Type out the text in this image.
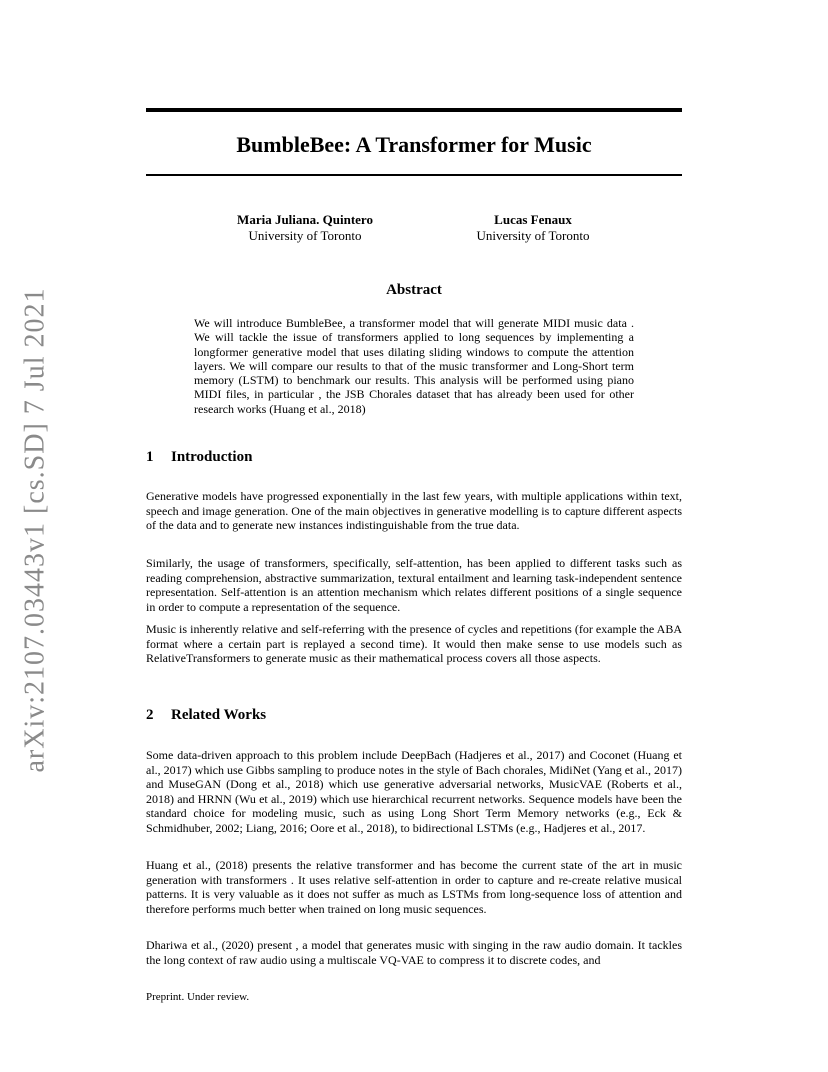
arXiv:2107.03443v1 [cs.SD] 7 Jul 2021
BumbleBee: A Transformer for Music
Maria Juliana. Quintero
University of Toronto
Lucas Fenaux
University of Toronto
Abstract
We will introduce BumbleBee, a transformer model that will generate MIDI music data . We will tackle the issue of transformers applied to long sequences by implementing a longformer generative model that uses dilating sliding windows to compute the attention layers. We will compare our results to that of the music transformer and Long-Short term memory (LSTM) to benchmark our results. This analysis will be performed using piano MIDI files, in particular , the JSB Chorales dataset that has already been used for other research works (Huang et al., 2018)
1 Introduction

Generative models have progressed exponentially in the last few years, with multiple applications within text, speech and image generation. One of the main objectives in generative modelling is to capture different aspects of the data and to generate new instances indistinguishable from the true data.

Similarly, the usage of transformers, specifically, self-attention, has been applied to different tasks such as reading comprehension, abstractive summarization, textural entailment and learning task-independent sentence representation. Self-attention is an attention mechanism which relates different positions of a single sequence in order to compute a representation of the sequence.

Music is inherently relative and self-referring with the presence of cycles and repetitions (for example the ABA format where a certain part is replayed a second time). It would then make sense to use models such as RelativeTransformers to generate music as their mathematical process covers all those aspects.

2 Related Works

Some data-driven approach to this problem include DeepBach (Hadjeres et al., 2017) and Coconet (Huang et al., 2017) which use Gibbs sampling to produce notes in the style of Bach chorales, MidiNet (Yang et al., 2017) and MuseGAN (Dong et al., 2018) which use generative adversarial networks, MusicVAE (Roberts et al., 2018) and HRNN (Wu et al., 2019) which use hierarchical recurrent networks. Sequence models have been the standard choice for modeling music, such as using Long Short Term Memory networks (e.g., Eck & Schmidhuber, 2002; Liang, 2016; Oore et al., 2018), to bidirectional LSTMs (e.g., Hadjeres et al., 2017.

Huang et al., (2018) presents the relative transformer and has become the current state of the art in music generation with transformers . It uses relative self-attention in order to capture and re-create relative musical patterns. It is very valuable as it does not suffer as much as LSTMs from long-sequence loss of attention and therefore performs much better when trained on long music sequences.

Dhariwa et al., (2020) present , a model that generates music with singing in the raw audio domain. It tackles the long context of raw audio using a multiscale VQ-VAE to compress it to discrete codes, and

Preprint. Under review.
